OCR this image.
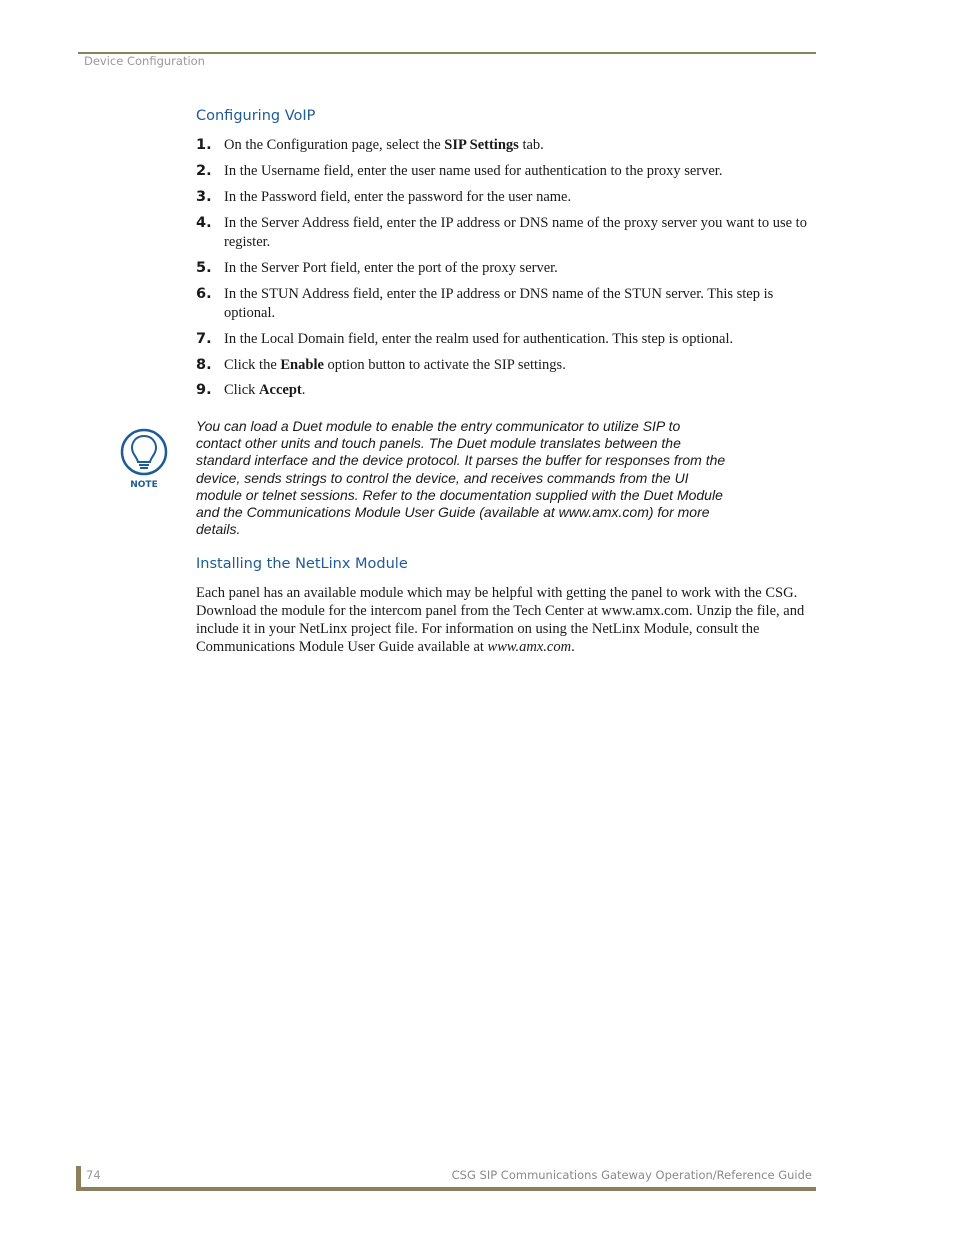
Device Configuration
Configuring VoIP
1. On the Configuration page, select the SIP Settings tab.
2. In the Username field, enter the user name used for authentication to the proxy server.
3. In the Password field, enter the password for the user name.
4. In the Server Address field, enter the IP address or DNS name of the proxy server you want to use to register.
5. In the Server Port field, enter the port of the proxy server.
6. In the STUN Address field, enter the IP address or DNS name of the STUN server. This step is optional.
7. In the Local Domain field, enter the realm used for authentication. This step is optional.
8. Click the Enable option button to activate the SIP settings.
9. Click Accept.
NOTE
You can load a Duet module to enable the entry communicator to utilize SIP to contact other units and touch panels. The Duet module translates between the standard interface and the device protocol. It parses the buffer for responses from the device, sends strings to control the device, and receives commands from the UI module or telnet sessions. Refer to the documentation supplied with the Duet Module and the Communications Module User Guide (available at www.amx.com) for more details.
Installing the NetLinx Module

Each panel has an available module which may be helpful with getting the panel to work with the CSG. Download the module for the intercom panel from the Tech Center at www.amx.com. Unzip the file, and include it in your NetLinx project file. For information on using the NetLinx Module, consult the Communications Module User Guide available at www.amx.com.

74	CSG SIP Communications Gateway Operation/Reference Guide
